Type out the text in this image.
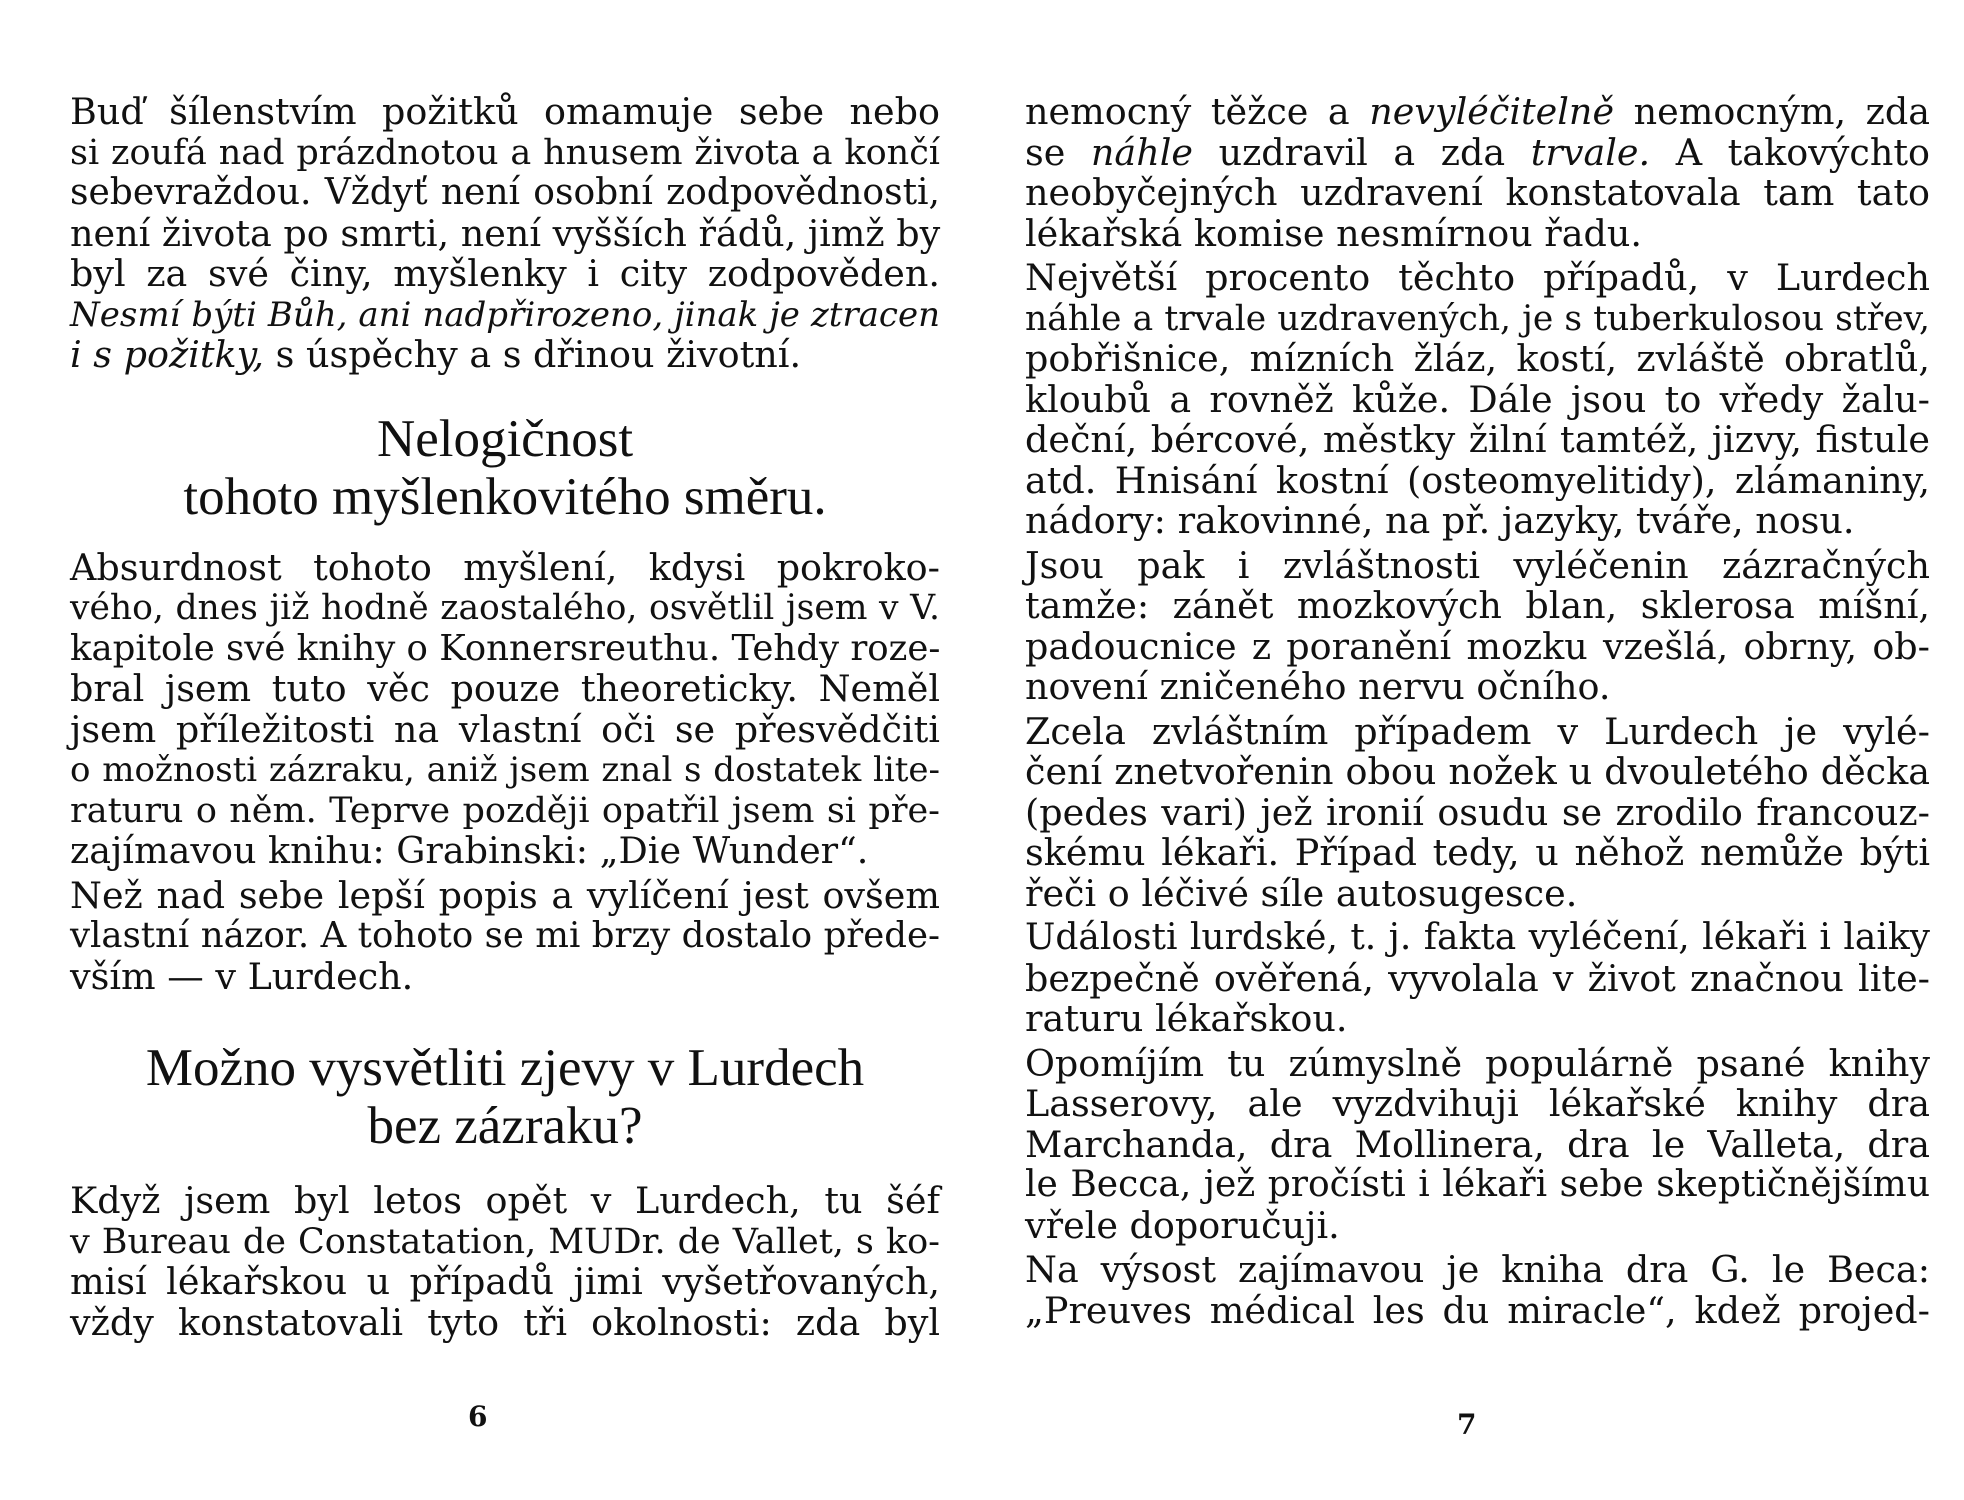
Buď šílenstvím požitků omamuje sebe nebo
si zoufá nad prázdnotou a hnusem života a končí
sebevraždou. Vždyť není osobní zodpovědnosti,
není života po smrti, není vyšších řádů, jimž by
byl za své činy, myšlenky i city zodpověden.
Nesmí býti Bůh, ani nadpřirozeno, jinak je ztracen
i s požitky, s úspěchy a s dřinou životní.

Nelogičnost
tohoto myšlenkovitého směru.

Absurdnost tohoto myšlení, kdysi pokroko-
vého, dnes již hodně zaostalého, osvětlil jsem v V.
kapitole své knihy o Konnersreuthu. Tehdy roze-
bral jsem tuto věc pouze theoreticky. Neměl
jsem příležitosti na vlastní oči se přesvědčiti
o možnosti zázraku, aniž jsem znal s dostatek lite-
raturu o něm. Teprve později opatřil jsem si pře-
zajímavou knihu: Grabinski: „Die Wunder“.

Než nad sebe lepší popis a vylíčení jest ovšem
vlastní názor. A tohoto se mi brzy dostalo přede-
vším — v Lurdech.

Možno vysvětliti zjevy v Lurdech
bez zázraku?

Když jsem byl letos opět v Lurdech, tu šéf
v Bureau de Constatation, MUDr. de Vallet, s ko-
misí lékařskou u případů jimi vyšetřovaných,
vždy konstatovali tyto tři okolnosti: zda byl

6

nemocný těžce a nevyléčitelně nemocným, zda
se náhle uzdravil a zda trvale. A takovýchto
neobyčejných uzdravení konstatovala tam tato
lékařská komise nesmírnou řadu.

Největší procento těchto případů, v Lurdech
náhle a trvale uzdravených, je s tuberkulosou střev,
pobřišnice, mízních žláz, kostí, zvláště obratlů,
kloubů a rovněž kůže. Dále jsou to vředy žalu-
deční, bércové, městky žilní tamtéž, jizvy, fistule
atd. Hnisání kostní (osteomyelitidy), zlámaniny,
nádory: rakovinné, na př. jazyky, tváře, nosu.

Jsou pak i zvláštnosti vyléčenin zázračných
tamže: zánět mozkových blan, sklerosa míšní,
padoucnice z poranění mozku vzešlá, obrny, ob-
novení zničeného nervu očního.

Zcela zvláštním případem v Lurdech je vylé-
čení znetvořenin obou nožek u dvouletého děcka
(pedes vari) jež ironií osudu se zrodilo francouz-
skému lékaři. Případ tedy, u něhož nemůže býti
řeči o léčivé síle autosugesce.

Události lurdské, t. j. fakta vyléčení, lékaři i laiky
bezpečně ověřená, vyvolala v život značnou lite-
raturu lékařskou.

Opomíjím tu zúmyslně populárně psané knihy
Lasserovy, ale vyzdvihuji lékařské knihy dra
Marchanda, dra Mollinera, dra le Valleta, dra
le Becca, jež pročísti i lékaři sebe skeptičnějšímu
vřele doporučuji.

Na výsost zajímavou je kniha dra G. le Beca:
„Preuves médical les du miracle“, kdež projed-

7
